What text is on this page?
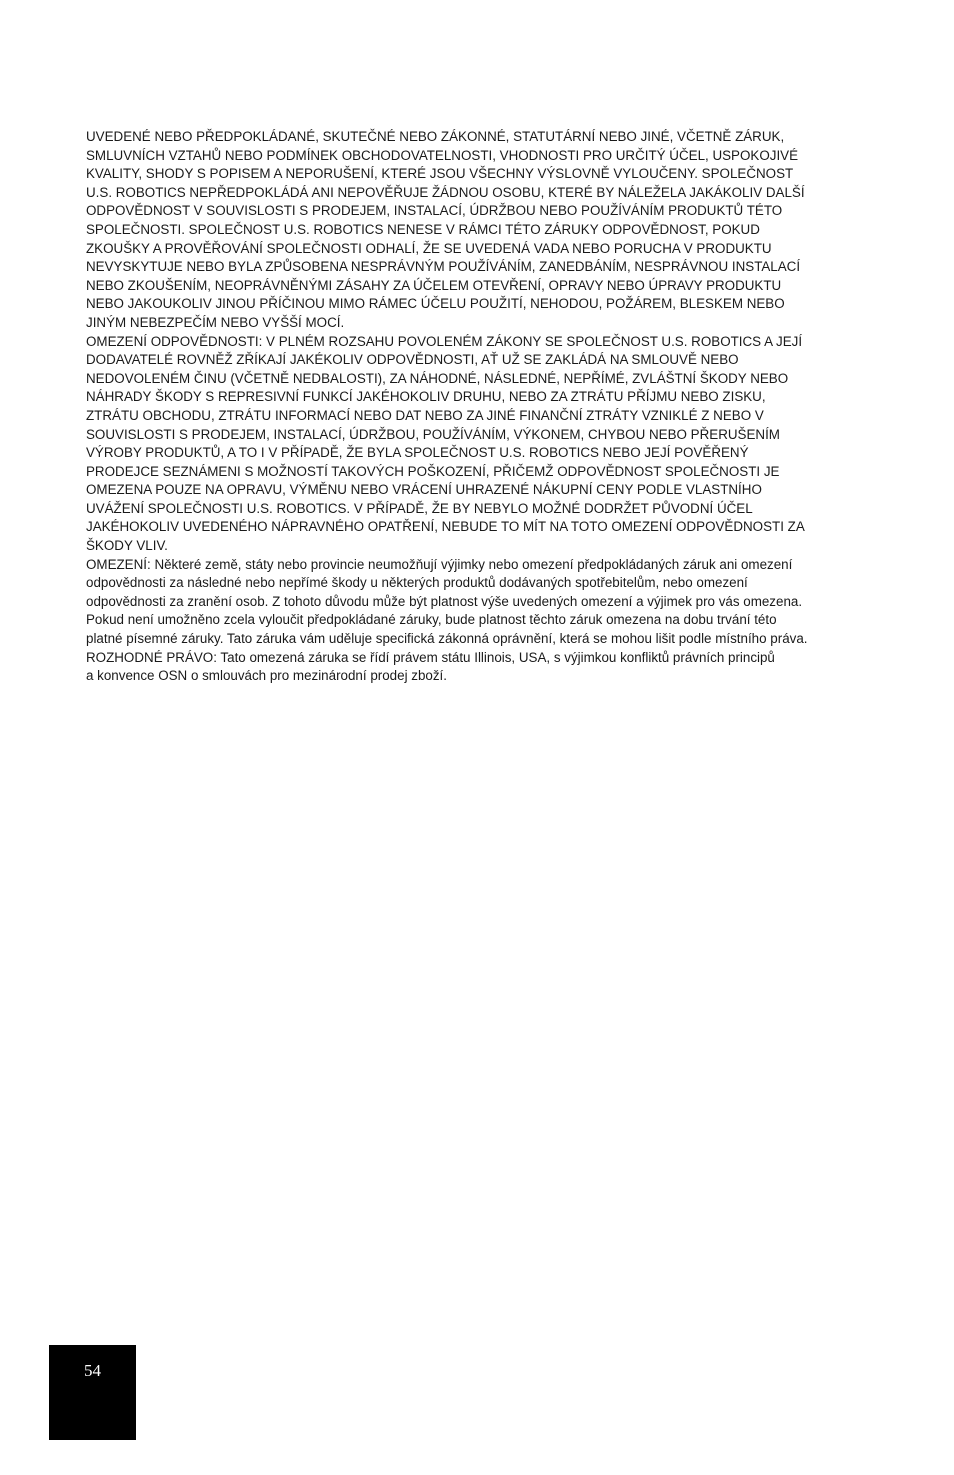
UVEDENÉ NEBO PŘEDPOKLÁDANÉ, SKUTEČNÉ NEBO ZÁKONNÉ, STATUTÁRNÍ NEBO JINÉ, VČETNĚ ZÁRUK,
SMLUVNÍCH VZTAHŮ NEBO PODMÍNEK OBCHODOVATELNOSTI, VHODNOSTI PRO URČITÝ ÚČEL, USPOKOJIVÉ
KVALITY, SHODY S POPISEM A NEPORUŠENÍ, KTERÉ JSOU VŠECHNY VÝSLOVNĚ VYLOUČENY. SPOLEČNOST
U.S. ROBOTICS NEPŘEDPOKLÁDÁ ANI NEPOVĚŘUJE ŽÁDNOU OSOBU, KTERÉ BY NÁLEŽELA JAKÁKOLIV DALŠÍ
ODPOVĚDNOST V SOUVISLOSTI S PRODEJEM, INSTALACÍ, ÚDRŽBOU NEBO POUŽÍVÁNÍM PRODUKTŮ TÉTO
SPOLEČNOSTI. SPOLEČNOST U.S. ROBOTICS NENESE V RÁMCI TÉTO ZÁRUKY ODPOVĚDNOST, POKUD
ZKOUŠKY A PROVĚŘOVÁNÍ SPOLEČNOSTI ODHALÍ, ŽE SE UVEDENÁ VADA NEBO PORUCHA V PRODUKTU
NEVYSKYTUJE NEBO BYLA ZPŮSOBENA NESPRÁVNÝM POUŽÍVÁNÍM, ZANEDBÁNÍM, NESPRÁVNOU INSTALACÍ
NEBO ZKOUŠENÍM, NEOPRÁVNĚNÝMI ZÁSAHY ZA ÚČELEM OTEVŘENÍ, OPRAVY NEBO ÚPRAVY PRODUKTU
NEBO JAKOUKOLIV JINOU PŘÍČINOU MIMO RÁMEC ÚČELU POUŽITÍ, NEHODOU, POŽÁREM, BLESKEM NEBO
JINÝM NEBEZPEČÍM NEBO VYŠŠÍ MOCÍ.
OMEZENÍ ODPOVĚDNOSTI: V PLNÉM ROZSAHU POVOLENÉM ZÁKONY SE SPOLEČNOST U.S. ROBOTICS A JEJÍ
DODAVATELÉ ROVNĚŽ ZŘÍKAJÍ JAKÉKOLIV ODPOVĚDNOSTI, AŤ UŽ SE ZAKLÁDÁ NA SMLOUVĚ NEBO
NEDOVOLENÉM ČINU (VČETNĚ NEDBALOSTI), ZA NÁHODNÉ, NÁSLEDNÉ, NEPŘÍMÉ, ZVLÁŠTNÍ ŠKODY NEBO
NÁHRADY ŠKODY S REPRESIVNÍ FUNKCÍ JAKÉHOKOLIV DRUHU, NEBO ZA ZTRÁTU PŘÍJMU NEBO ZISKU,
ZTRÁTU OBCHODU, ZTRÁTU INFORMACÍ NEBO DAT NEBO ZA JINÉ FINANČNÍ ZTRÁTY VZNIKLÉ Z NEBO V
SOUVISLOSTI S PRODEJEM, INSTALACÍ, ÚDRŽBOU, POUŽÍVÁNÍM, VÝKONEM, CHYBOU NEBO PŘERUŠENÍM
VÝROBY PRODUKTŮ, A TO I V PŘÍPADĚ, ŽE BYLA SPOLEČNOST U.S. ROBOTICS NEBO JEJÍ POVĚŘENÝ
PRODEJCE SEZNÁMENI S MOŽNOSTÍ TAKOVÝCH POŠKOZENÍ, PŘIČEMŽ ODPOVĚDNOST SPOLEČNOSTI JE
OMEZENA POUZE NA OPRAVU, VÝMĚNU NEBO VRÁCENÍ UHRAZENÉ NÁKUPNÍ CENY PODLE VLASTNÍHO
UVÁŽENÍ SPOLEČNOSTI U.S. ROBOTICS. V PŘÍPADĚ, ŽE BY NEBYLO MOŽNÉ DODRŽET PŮVODNÍ ÚČEL
JAKÉHOKOLIV UVEDENÉHO NÁPRAVNÉHO OPATŘENÍ, NEBUDE TO MÍT NA TOTO OMEZENÍ ODPOVĚDNOSTI ZA
ŠKODY VLIV.
OMEZENÍ: Některé země, státy nebo provincie neumožňují výjimky nebo omezení předpokládaných záruk ani omezení
odpovědnosti za následné nebo nepřímé škody u některých produktů dodávaných spotřebitelům, nebo omezení
odpovědnosti za zranění osob. Z tohoto důvodu může být platnost výše uvedených omezení a výjimek pro vás omezena.
Pokud není umožněno zcela vyloučit předpokládané záruky, bude platnost těchto záruk omezena na dobu trvání této
platné písemné záruky. Tato záruka vám uděluje specifická zákonná oprávnění, která se mohou lišit podle místního práva.
ROZHODNÉ PRÁVO: Tato omezená záruka se řídí právem státu Illinois, USA, s výjimkou konfliktů právních principů
a konvence OSN o smlouvách pro mezinárodní prodej zboží.
54
